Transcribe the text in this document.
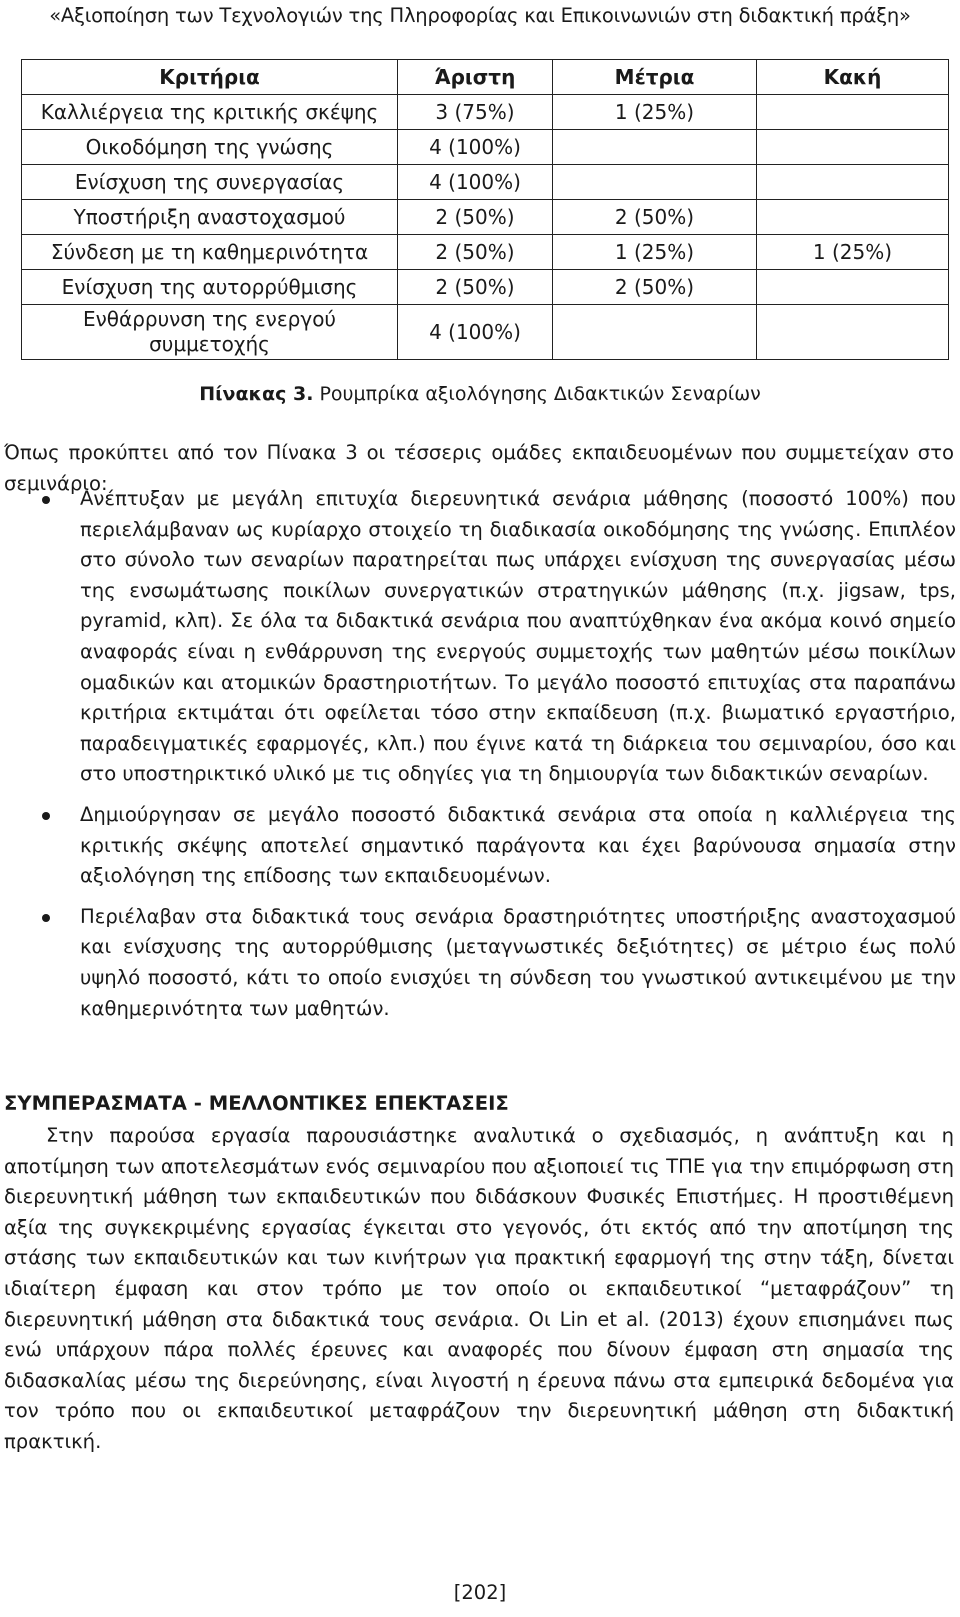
«Αξιοποίηση των Τεχνολογιών της Πληροφορίας και Επικοινωνιών στη διδακτική πράξη»
Κριτήρια	Άριστη	Μέτρια	Κακή
Καλλιέργεια της κριτικής σκέψης	3 (75%)	1 (25%)	
Οικοδόμηση της γνώσης	4 (100%)		
Ενίσχυση της συνεργασίας	4 (100%)		
Υποστήριξη αναστοχασμού	2 (50%)	2 (50%)	
Σύνδεση με τη καθημερινότητα	2 (50%)	1 (25%)	1 (25%)
Ενίσχυση της αυτορρύθμισης	2 (50%)	2 (50%)	
Ενθάρρυνση της ενεργού συμμετοχής	4 (100%)		
Πίνακας 3. Ρουμπρίκα αξιολόγησης Διδακτικών Σεναρίων

Όπως προκύπτει από τον Πίνακα 3 οι τέσσερις ομάδες εκπαιδευομένων που συμμετείχαν στο σεμινάριο:

Ανέπτυξαν με μεγάλη επιτυχία διερευνητικά σενάρια μάθησης (ποσοστό 100%) που περιελάμβαναν ως κυρίαρχο στοιχείο τη διαδικασία οικοδόμησης της γνώσης. Επιπλέον στο σύνολο των σεναρίων παρατηρείται πως υπάρχει ενίσχυση της συνεργασίας μέσω της ενσωμάτωσης ποικίλων συνεργατικών στρατηγικών μάθησης (π.χ. jigsaw, tps, pyramid, κλπ). Σε όλα τα διδακτικά σενάρια που αναπτύχθηκαν ένα ακόμα κοινό σημείο αναφοράς είναι η ενθάρρυνση της ενεργούς συμμετοχής των μαθητών μέσω ποικίλων ομαδικών και ατομικών δραστηριοτήτων. Το μεγάλο ποσοστό επιτυχίας στα παραπάνω κριτήρια εκτιμάται ότι οφείλεται τόσο στην εκπαίδευση (π.χ. βιωματικό εργαστήριο, παραδειγματικές εφαρμογές, κλπ.) που έγινε κατά τη διάρκεια του σεμιναρίου, όσο και στο υποστηρικτικό υλικό με τις οδηγίες για τη δημιουργία των διδακτικών σεναρίων.
Δημιούργησαν σε μεγάλο ποσοστό διδακτικά σενάρια στα οποία η καλλιέργεια της κριτικής σκέψης αποτελεί σημαντικό παράγοντα και έχει βαρύνουσα σημασία στην αξιολόγηση της επίδοσης των εκπαιδευομένων.
Περιέλαβαν στα διδακτικά τους σενάρια δραστηριότητες υποστήριξης αναστοχασμού και ενίσχυσης της αυτορρύθμισης (μεταγνωστικές δεξιότητες) σε μέτριο έως πολύ υψηλό ποσοστό, κάτι το οποίο ενισχύει τη σύνδεση του γνωστικού αντικειμένου με την καθημερινότητα των μαθητών.
ΣΥΜΠΕΡΑΣΜΑΤΑ - ΜΕΛΛΟΝΤΙΚΕΣ ΕΠΕΚΤΑΣΕΙΣ

Στην παρούσα εργασία παρουσιάστηκε αναλυτικά ο σχεδιασμός, η ανάπτυξη και η αποτίμηση των αποτελεσμάτων ενός σεμιναρίου που αξιοποιεί τις ΤΠΕ για την επιμόρφωση στη διερευνητική μάθηση των εκπαιδευτικών που διδάσκουν Φυσικές Επιστήμες. Η προστιθέμενη αξία της συγκεκριμένης εργασίας έγκειται στο γεγονός, ότι εκτός από την αποτίμηση της στάσης των εκπαιδευτικών και των κινήτρων για πρακτική εφαρμογή της στην τάξη, δίνεται ιδιαίτερη έμφαση και στον τρόπο με τον οποίο οι εκπαιδευτικοί “μεταφράζουν” τη διερευνητική μάθηση στα διδακτικά τους σενάρια. Οι Lin et al. (2013) έχουν επισημάνει πως ενώ υπάρχουν πάρα πολλές έρευνες και αναφορές που δίνουν έμφαση στη σημασία της διδασκαλίας μέσω της διερεύνησης, είναι λιγοστή η έρευνα πάνω στα εμπειρικά δεδομένα για τον τρόπο που οι εκπαιδευτικοί μεταφράζουν την διερευνητική μάθηση στη διδακτική πρακτική.

[202]
